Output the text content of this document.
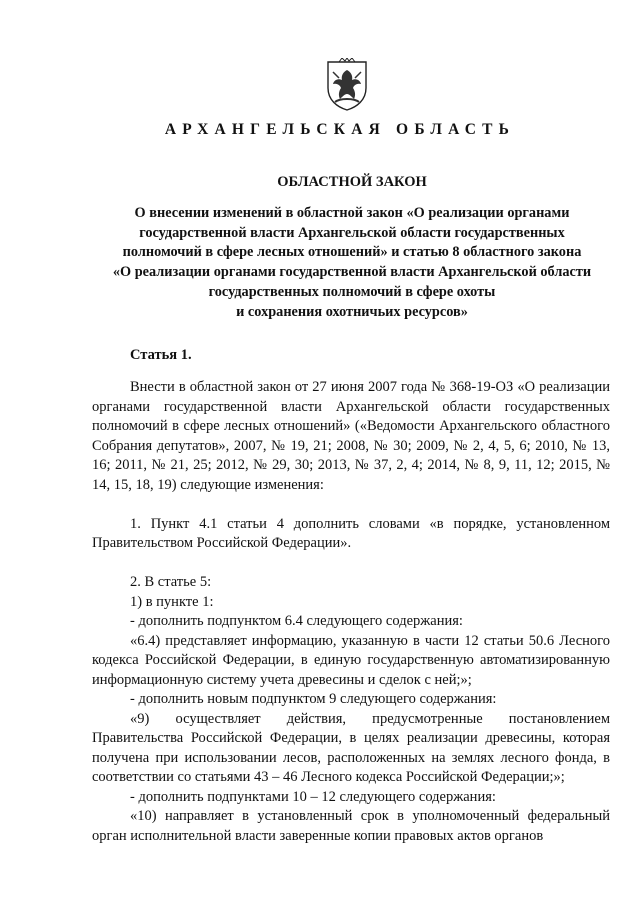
АРХАНГЕЛЬСКАЯ ОБЛАСТЬ
ОБЛАСТНОЙ ЗАКОН
О внесении изменений в областной закон «О реализации органами
государственной власти Архангельской области государственных
полномочий в сфере лесных отношений» и статью 8 областного закона
«О реализации органами государственной власти Архангельской области
государственных полномочий в сфере охоты
и сохранения охотничьих ресурсов»
Статья 1.

Внести в областной закон от 27 июня 2007 года № 368-19-ОЗ «О реализации органами государственной власти Архангельской области государственных полномочий в сфере лесных отношений» («Ведомости Архангельского областного Собрания депутатов», 2007, № 19, 21; 2008, № 30; 2009, № 2, 4, 5, 6; 2010, № 13, 16; 2011, № 21, 25; 2012, № 29, 30; 2013, № 37, 2, 4; 2014, № 8, 9, 11, 12; 2015, № 14, 15, 18, 19) следующие изменения:

1. Пункт 4.1 статьи 4 дополнить словами «в порядке, установленном Правительством Российской Федерации».

2. В статье 5:

1) в пункте 1:

- дополнить подпунктом 6.4 следующего содержания:

«6.4) представляет информацию, указанную в части 12 статьи 50.6 Лесного кодекса Российской Федерации, в единую государственную автоматизированную информационную систему учета древесины и сделок с ней;»;

- дополнить новым подпунктом 9 следующего содержания:

«9) осуществляет действия, предусмотренные постановлением Правительства Российской Федерации, в целях реализации древесины, которая получена при использовании лесов, расположенных на землях лесного фонда, в соответствии со статьями 43 – 46 Лесного кодекса Российской Федерации;»;

- дополнить подпунктами 10 – 12 следующего содержания:

«10) направляет в установленный срок в уполномоченный федеральный орган исполнительной власти заверенные копии правовых актов органов
